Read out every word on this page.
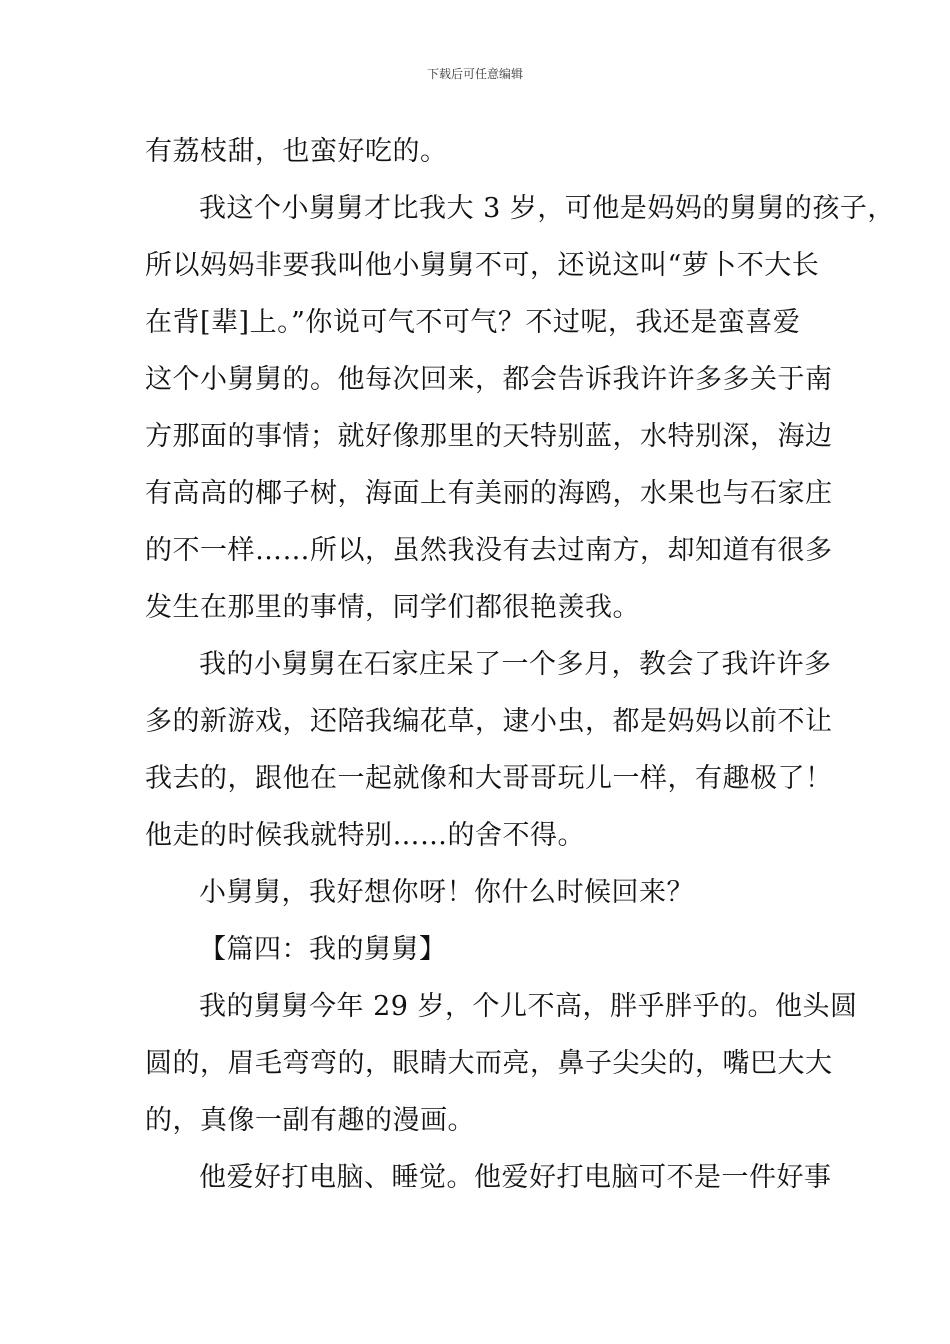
下载后可任意编辑
有荔枝甜，也蛮好吃的。
我这个小舅舅才比我大 3 岁，可他是妈妈的舅舅的孩子，
所以妈妈非要我叫他小舅舅不可，还说这叫“萝卜不大长
在背[辈]上。”你说可气不可气？不过呢，我还是蛮喜爱
这个小舅舅的。他每次回来，都会告诉我许许多多关于南
方那面的事情；就好像那里的天特别蓝，水特别深，海边
有高高的椰子树，海面上有美丽的海鸥，水果也与石家庄
的不一样……所以，虽然我没有去过南方，却知道有很多
发生在那里的事情，同学们都很艳羡我。
我的小舅舅在石家庄呆了一个多月，教会了我许许多
多的新游戏，还陪我编花草，逮小虫，都是妈妈以前不让
我去的，跟他在一起就像和大哥哥玩儿一样，有趣极了！
他走的时候我就特别……的舍不得。
小舅舅，我好想你呀！你什么时候回来？
【篇四：我的舅舅】
我的舅舅今年 29 岁，个儿不高，胖乎胖乎的。他头圆
圆的，眉毛弯弯的，眼睛大而亮，鼻子尖尖的，嘴巴大大
的，真像一副有趣的漫画。
他爱好打电脑、睡觉。他爱好打电脑可不是一件好事
